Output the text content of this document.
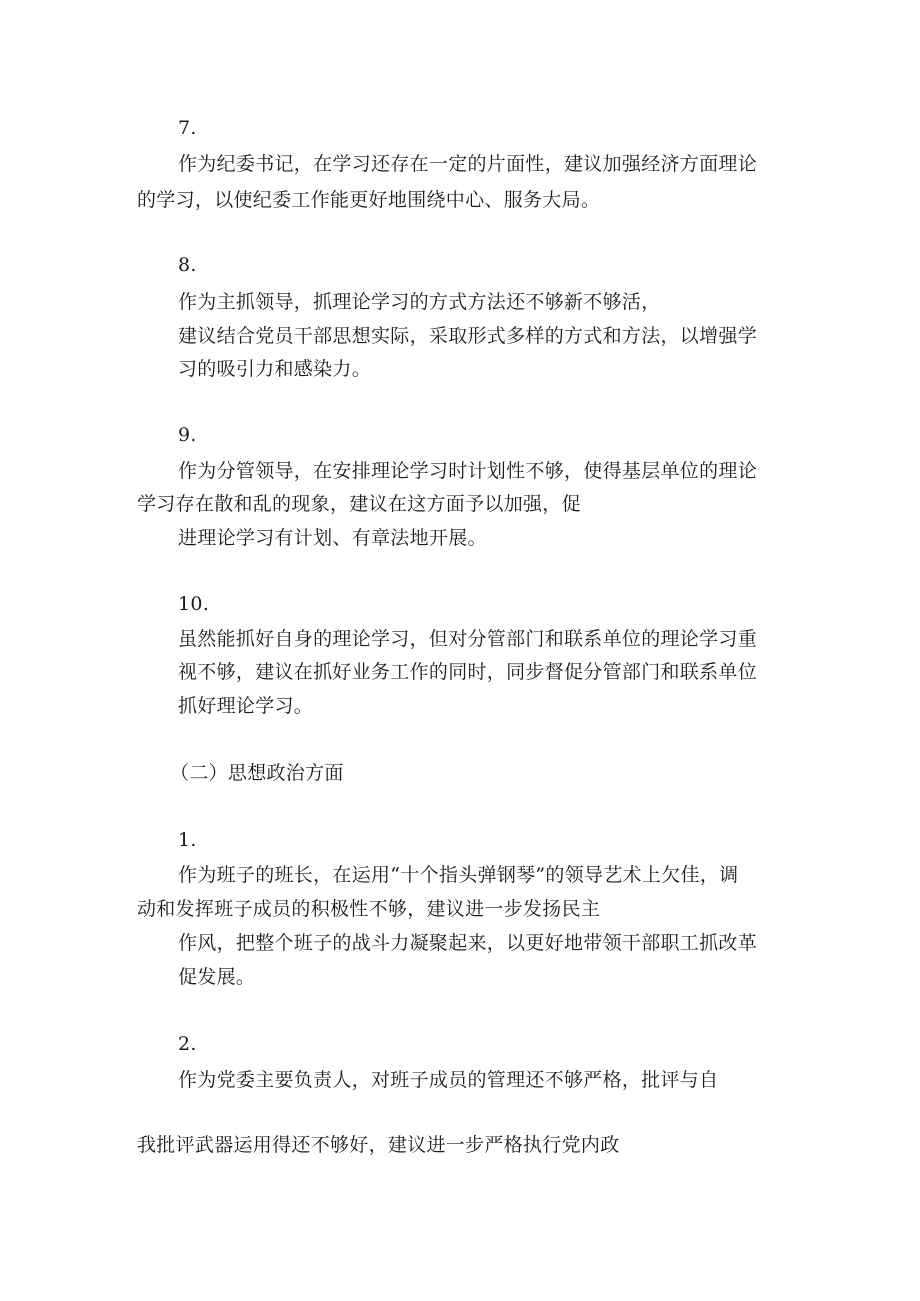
7.
作为纪委书记，在学习还存在一定的片面性，建议加强经济方面理论
的学习，以使纪委工作能更好地围绕中心、服务大局。
8.
作为主抓领导，抓理论学习的方式方法还不够新不够活，
建议结合党员干部思想实际，采取形式多样的方式和方法，以增强学
习的吸引力和感染力。
9.
作为分管领导，在安排理论学习时计划性不够，使得基层单位的理论
学习存在散和乱的现象，建议在这方面予以加强，促
进理论学习有计划、有章法地开展。
10.
虽然能抓好自身的理论学习，但对分管部门和联系单位的理论学习重
视不够，建议在抓好业务工作的同时，同步督促分管部门和联系单位
抓好理论学习。
（二）思想政治方面
1.
作为班子的班长，在运用“十个指头弹钢琴”的领导艺术上欠佳，调
动和发挥班子成员的积极性不够，建议进一步发扬民主
作风，把整个班子的战斗力凝聚起来，以更好地带领干部职工抓改革
促发展。
2.
作为党委主要负责人，对班子成员的管理还不够严格，批评与自
我批评武器运用得还不够好，建议进一步严格执行党内政
